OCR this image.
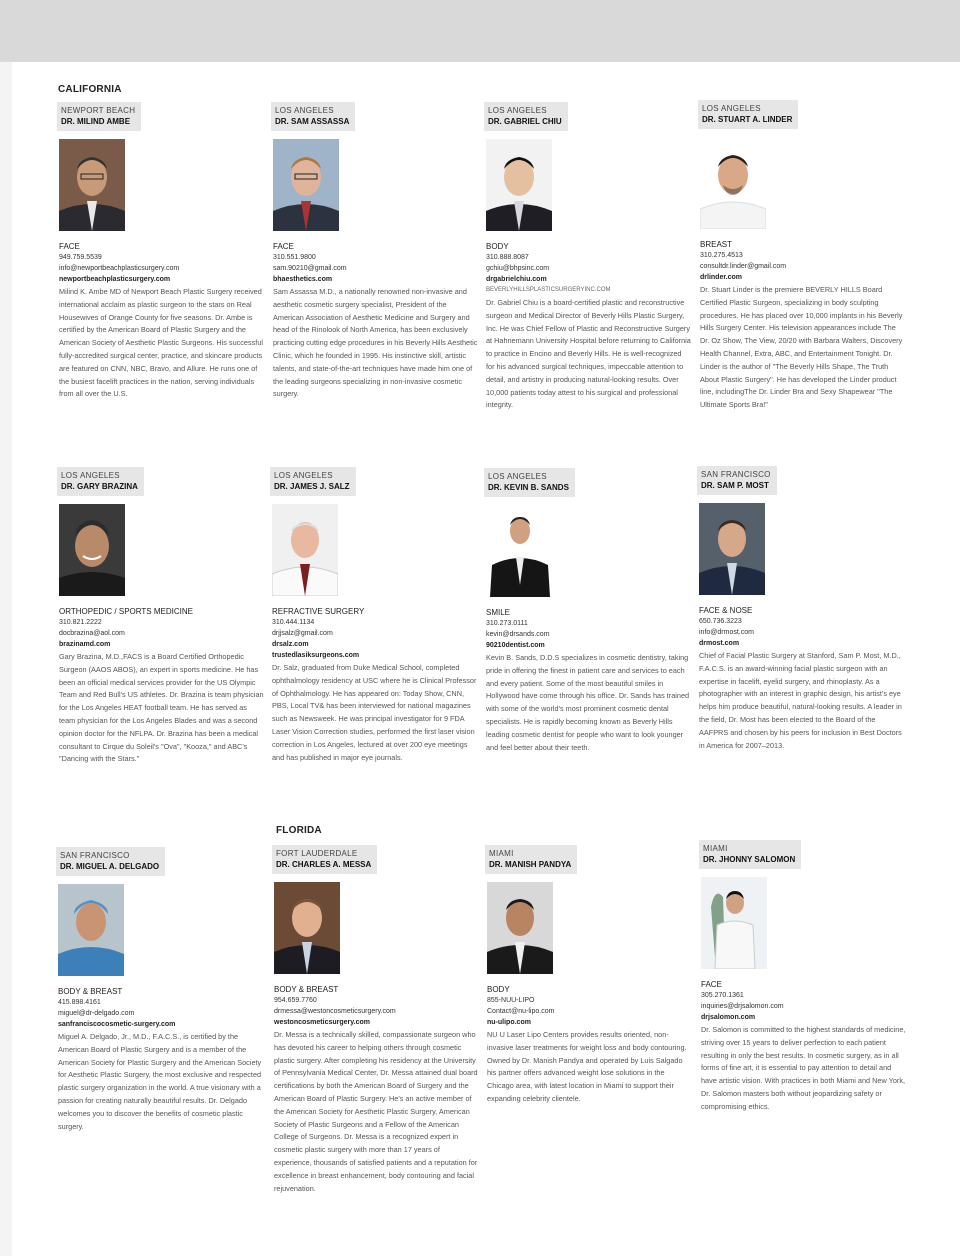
CALIFORNIA
FLORIDA
NEWPORT BEACH
DR. MILIND AMBE
FACE
949.759.5539
info@newportbeachplasticsurgery.com
newportbeachplasticsurgery.com
Milind K. Ambe MD of Newport Beach Plastic Surgery received international acclaim as plastic surgeon to the stars on Real Housewives of Orange County for five seasons. Dr. Ambe is certified by the American Board of Plastic Surgery and the American Society of Aesthetic Plastic Surgeons. His successful fully-accredited surgical center, practice, and skincare products are featured on CNN, NBC, Bravo, and Allure. He runs one of the busiest facelift practices in the nation, serving individuals from all over the U.S.
LOS ANGELES
DR. SAM ASSASSA
FACE
310.551.9800
sam.90210@gmail.com
bhaesthetics.com
Sam Assassa M.D., a nationally renowned non-invasive and aesthetic cosmetic surgery specialist, President of the American Association of Aesthetic Medicine and Surgery and head of the Rinolook of North America, has been exclusively practicing cutting edge procedures in his Beverly Hills Aesthetic Clinic, which he founded in 1995. His instinctive skill, artistic talents, and state-of-the-art techniques have made him one of the leading surgeons specializing in non-invasive cosmetic surgery.
LOS ANGELES
DR. GABRIEL CHIU
BODY
310.888.8087
gchiu@bhpsinc.com
drgabrielchiu.com
BEVERLYHILLSPLASTICSURGERYINC.COM
Dr. Gabriel Chiu is a board-certified plastic and reconstructive surgeon and Medical Director of Beverly Hills Plastic Surgery, Inc. He was Chief Fellow of Plastic and Reconstructive Surgery at Hahnemann University Hospital before returning to California to practice in Encino and Beverly Hills. He is well-recognized for his advanced surgical techniques, impeccable attention to detail, and artistry in producing natural-looking results. Over 10,000 patients today attest to his surgical and professional integrity.
LOS ANGELES
DR. STUART A. LINDER
BREAST
310.275.4513
consultdr.linder@gmail.com
drlinder.com
Dr. Stuart Linder is the premiere BEVERLY HILLS Board Certified Plastic Surgeon, specializing in body sculpting procedures. He has placed over 10,000 implants in his Beverly Hills Surgery Center. His television appearances include The Dr. Oz Show, The View, 20/20 with Barbara Walters, Discovery Health Channel, Extra, ABC, and Entertainment Tonight. Dr. Linder is the author of "The Beverly Hills Shape, The Truth About Plastic Surgery". He has developed the Linder product line, includingThe Dr. Linder Bra and Sexy Shapewear "The Ultimate Sports Bra!"
LOS ANGELES
DR. GARY BRAZINA
ORTHOPEDIC / SPORTS MEDICINE
310.821.2222
docbrazina@aol.com
brazinamd.com
Gary Brazina, M.D.,FACS is a Board Certified Orthopedic Surgeon (AAOS ABOS), an expert in sports medicine. He has been an official medical services provider for the US Olympic Team and Red Bull's US athletes. Dr. Brazina is team physician for the Los Angeles HEAT football team. He has served as team physician for the Los Angeles Blades and was a second opinion doctor for the NFLPA. Dr. Brazina has been a medical consultant to Cirque du Soleil's "Ova", "Kooza," and ABC's "Dancing with the Stars."
LOS ANGELES
DR. JAMES J. SALZ
REFRACTIVE SURGERY
310.444.1134
drjjsalz@gmail.com
drsalz.com
trustedlasiksurgeons.com
Dr. Salz, graduated from Duke Medical School, completed ophthalmology residency at USC where he is Clinical Professor of Ophthalmology. He has appeared on: Today Show, CNN, PBS, Local TV& has been interviewed for national magazines such as Newsweek. He was principal investigator for 9 FDA Laser Vision Correction studies, performed the first laser vision correction in Los Angeles, lectured at over 200 eye meetings and has published in major eye journals.
LOS ANGELES
DR. KEVIN B. SANDS
SMILE
310.273.0111
kevin@drsands.com
90210dentist.com
Kevin B. Sands, D.D.S specializes in cosmetic dentistry, taking pride in offering the finest in patient care and services to each and every patient. Some of the most beautiful smiles in Hollywood have come through his office. Dr. Sands has trained with some of the world's most prominent cosmetic dental specialists. He is rapidly becoming known as Beverly Hills leading cosmetic dentist for people who want to look younger and feel better about their teeth.
SAN FRANCISCO
DR. SAM P. MOST
FACE & NOSE
650.736.3223
info@drmost.com
drmost.com
Chief of Facial Plastic Surgery at Stanford, Sam P. Most, M.D., F.A.C.S. is an award-winning facial plastic surgeon with an expertise in facelift, eyelid surgery, and rhinoplasty. As a photographer with an interest in graphic design, his artist's eye helps him produce beautiful, natural-looking results. A leader in the field, Dr. Most has been elected to the Board of the AAFPRS and chosen by his peers for inclusion in Best Doctors in America for 2007–2013.
SAN FRANCISCO
DR. MIGUEL A. DELGADO
BODY & BREAST
415.898.4161
miguel@dr-delgado.com
sanfranciscocosmetic-surgery.com
Miguel A. Delgado, Jr., M.D., F.A.C.S., is certified by the American Board of Plastic Surgery and is a member of the American Society for Plastic Surgery and the American Society for Aesthetic Plastic Surgery, the most exclusive and respected plastic surgery organization in the world. A true visionary with a passion for creating naturally beautiful results. Dr. Delgado welcomes you to discover the benefits of cosmetic plastic surgery.
FORT LAUDERDALE
DR. CHARLES A. MESSA
BODY & BREAST
954.659.7760
drmessa@westoncosmeticsurgery.com
westoncosmeticsurgery.com
Dr. Messa is a technically skilled, compassionate surgeon who has devoted his career to helping others through cosmetic plastic surgery. After completing his residency at the University of Pennsylvania Medical Center, Dr. Messa attained dual board certifications by both the American Board of Surgery and the American Board of Plastic Surgery. He's an active member of the American Society for Aesthetic Plastic Surgery, American Society of Plastic Surgeons and a Fellow of the American College of Surgeons. Dr. Messa is a recognized expert in cosmetic plastic surgery with more than 17 years of experience, thousands of satisfied patients and a reputation for excellence in breast enhancement, body contouring and facial rejuvenation.
MIAMI
DR. MANISH PANDYA
BODY
855-NUU-LIPO
Contact@nu-lipo.com
nu-ulipo.com
NU U Laser Lipo Centers provides results oriented, non-invasive laser treatments for weight loss and body contouring. Owned by Dr. Manish Pandya and operated by Luis Salgado his partner offers advanced weight lose solutions in the Chicago area, with latest location in Miami to support their expanding celebrity clientele.
MIAMI
DR. JHONNY SALOMON
FACE
305.270.1361
inquiries@drjsalomon.com
drjsalomon.com
Dr. Salomon is committed to the highest standards of medicine, striving over 15 years to deliver perfection to each patient resulting in only the best results. In cosmetic surgery, as in all forms of fine art, it is essential to pay attention to detail and have artistic vision. With practices in both Miami and New York, Dr. Salomon masters both without jeopardizing safety or compromising ethics.
